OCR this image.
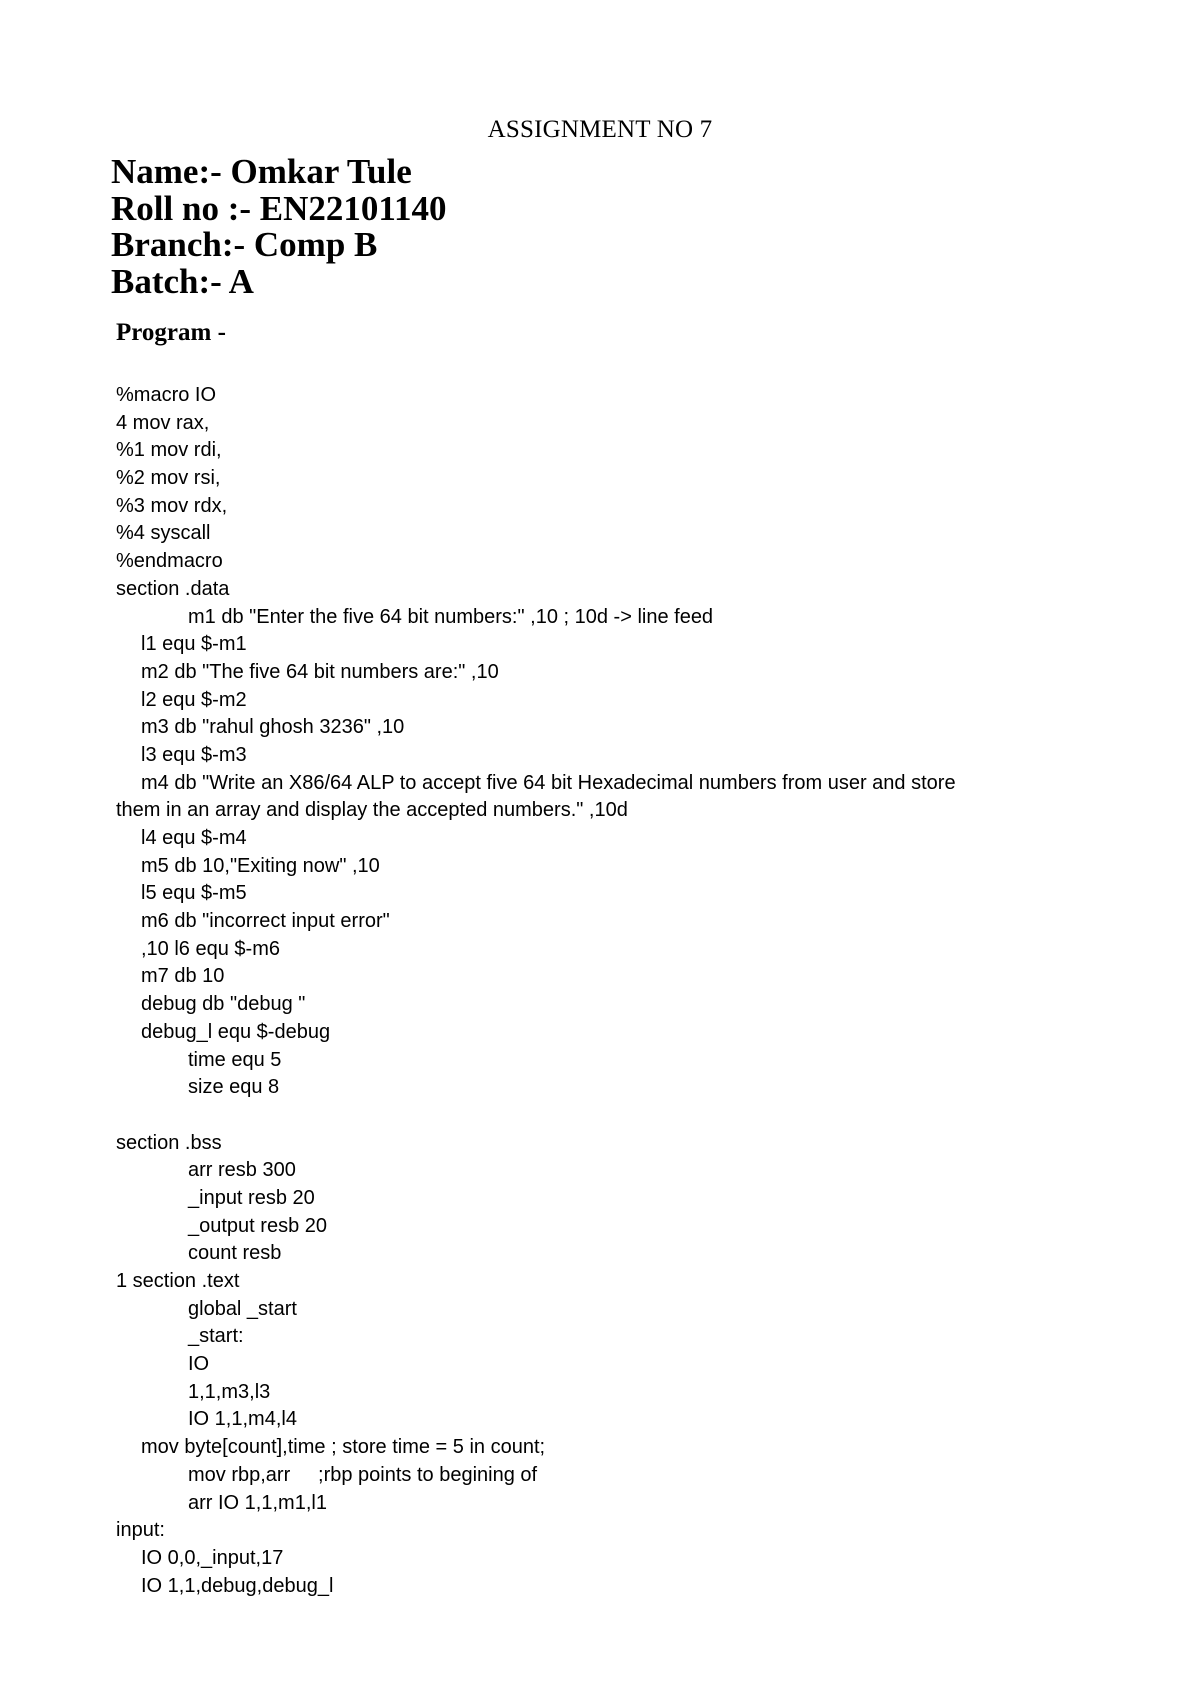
ASSIGNMENT NO 7
Name:- Omkar Tule
Roll no :- EN22101140
Branch:- Comp B
Batch:- A
Program -
%macro IO
4 mov rax,
%1 mov rdi,
%2 mov rsi,
%3 mov rdx,
%4 syscall
%endmacro
section .data
m1 db "Enter the five 64 bit numbers:" ,10 ; 10d -> line feed
l1 equ $-m1
m2 db "The five 64 bit numbers are:" ,10
l2 equ $-m2
m3 db "rahul ghosh 3236" ,10
l3 equ $-m3
m4 db "Write an X86/64 ALP to accept five 64 bit Hexadecimal numbers from user and store
them in an array and display the accepted numbers." ,10d
l4 equ $-m4
m5 db 10,"Exiting now" ,10
l5 equ $-m5
m6 db "incorrect input error"
,10 l6 equ $-m6
m7 db 10
debug db "debug "
debug_l equ $-debug
time equ 5
size equ 8
section .bss
arr resb 300
_input resb 20
_output resb 20
count resb
1 section .text
global _start
_start:
IO
1,1,m3,l3
IO 1,1,m4,l4
mov byte[count],time ; store time = 5 in count;
mov rbp,arr     ;rbp points to begining of
arr IO 1,1,m1,l1
input:
IO 0,0,_input,17
IO 1,1,debug,debug_l
